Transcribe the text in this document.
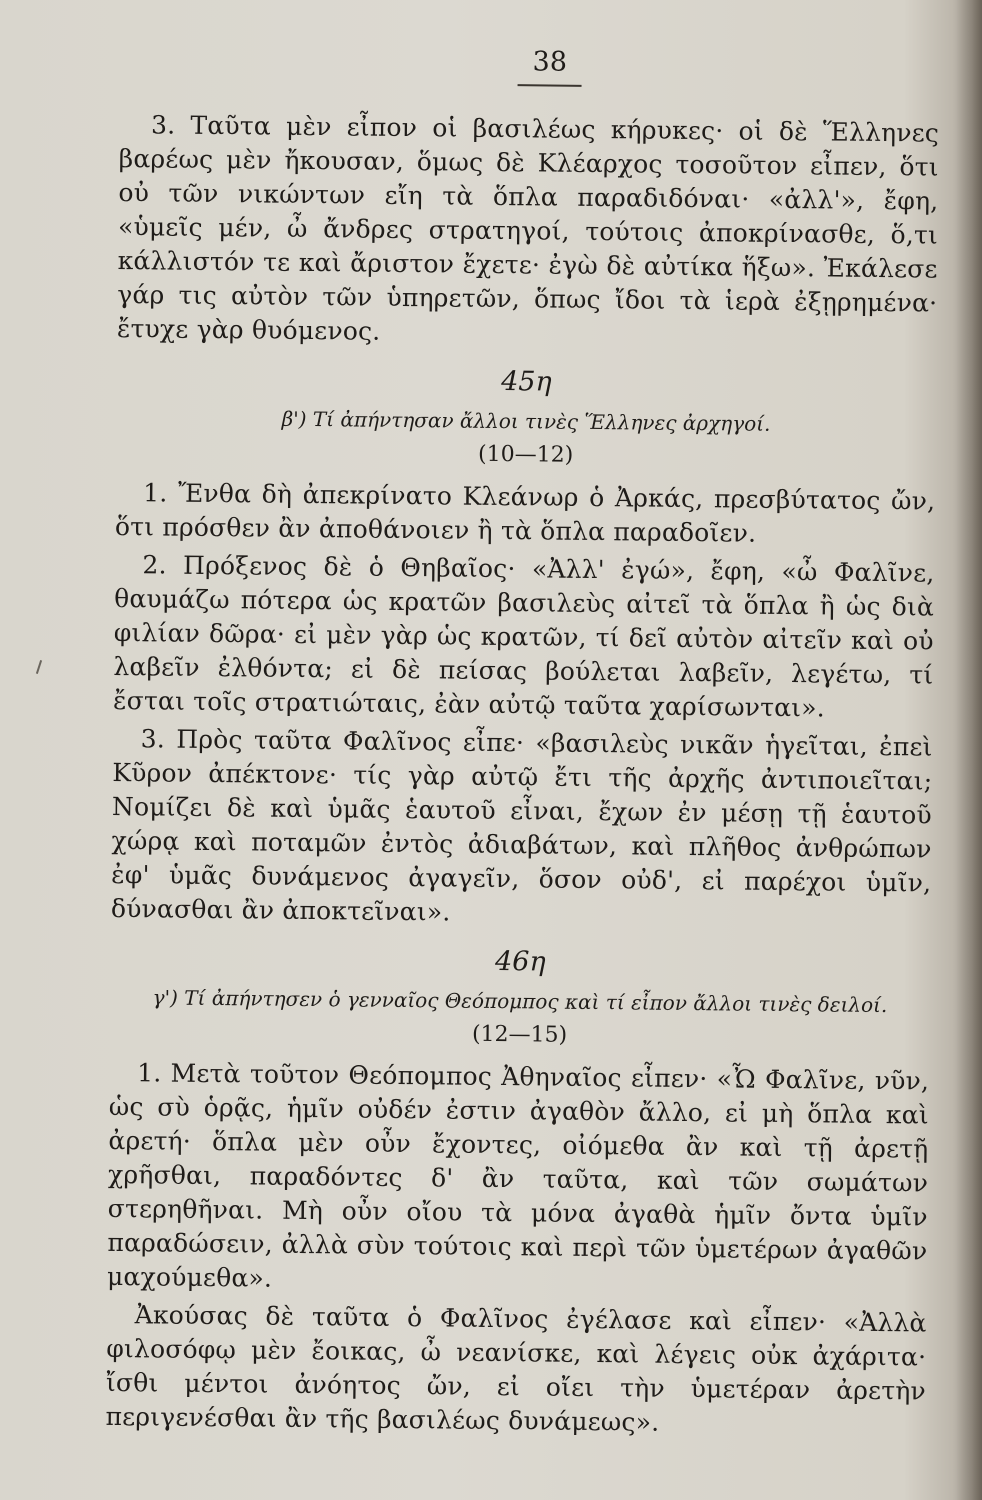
38

3. Ταῦτα μὲν εἶπον οἱ βασιλέως κήρυκες· οἱ δὲ Ἕλληνες βαρέως μὲν ἤκουσαν, ὅμως δὲ Κλέαρχος τοσοῦτον εἶπεν, ὅτι οὐ τῶν νικώντων εἴη τὰ ὅπλα παραδιδόναι· «ἀλλ'», ἔφη, «ὑμεῖς μέν, ὦ ἄνδρες στρατηγοί, τούτοις ἀποκρίνασθε, ὅ,τι κάλλιστόν τε καὶ ἄριστον ἔχετε· ἐγὼ δὲ αὐτίκα ἥξω». Ἐκάλεσε γάρ τις αὐτὸν τῶν ὑπηρετῶν, ὅπως ἴδοι τὰ ἱερὰ ἐξῃρημένα· ἔτυχε γὰρ θυόμενος.

45η
β') Τί ἀπήντησαν ἄλλοι τινὲς Ἕλληνες ἀρχηγοί.
(10—12)

1. Ἔνθα δὴ ἀπεκρίνατο Κλεάνωρ ὁ Ἀρκάς, πρεσβύτατος ὤν, ὅτι πρόσθεν ἂν ἀποθάνοιεν ἢ τὰ ὅπλα παραδοῖεν.

2. Πρόξενος δὲ ὁ Θηβαῖος· «Ἀλλ' ἐγώ», ἔφη, «ὦ Φαλῖνε, θαυμάζω πότερα ὡς κρατῶν βασιλεὺς αἰτεῖ τὰ ὅπλα ἢ ὡς διὰ φιλίαν δῶρα· εἰ μὲν γὰρ ὡς κρατῶν, τί δεῖ αὐτὸν αἰτεῖν καὶ οὐ λαβεῖν ἐλθόντα; εἰ δὲ πείσας βούλεται λαβεῖν, λεγέτω, τί ἔσται τοῖς στρατιώταις, ἐὰν αὐτῷ ταῦτα χαρίσωνται».

3. Πρὸς ταῦτα Φαλῖνος εἶπε· «βασιλεὺς νικᾶν ἡγεῖται, ἐπεὶ Κῦρον ἀπέκτονε· τίς γὰρ αὐτῷ ἔτι τῆς ἀρχῆς ἀντιποιεῖται; Νομίζει δὲ καὶ ὑμᾶς ἑαυτοῦ εἶναι, ἔχων ἐν μέσῃ τῇ ἑαυτοῦ χώρᾳ καὶ ποταμῶν ἐντὸς ἀδιαβάτων, καὶ πλῆθος ἀνθρώπων ἐφ' ὑμᾶς δυνάμενος ἀγαγεῖν, ὅσον οὐδ', εἰ παρέχοι ὑμῖν, δύνασθαι ἂν ἀποκτεῖναι».

46η
γ') Τί ἀπήντησεν ὁ γενναῖος Θεόπομπος καὶ τί εἶπον ἄλλοι τινὲς δειλοί.
(12—15)

1. Μετὰ τοῦτον Θεόπομπος Ἀθηναῖος εἶπεν· «Ὦ Φαλῖνε, νῦν, ὡς σὺ ὁρᾷς, ἡμῖν οὐδέν ἐστιν ἀγαθὸν ἄλλο, εἰ μὴ ὅπλα καὶ ἀρετή· ὅπλα μὲν οὖν ἔχοντες, οἰόμεθα ἂν καὶ τῇ ἀρετῇ χρῆσθαι, παραδόντες δ' ἂν ταῦτα, καὶ τῶν σωμάτων στερηθῆναι. Μὴ οὖν οἴου τὰ μόνα ἀγαθὰ ἡμῖν ὄντα ὑμῖν παραδώσειν, ἀλλὰ σὺν τούτοις καὶ περὶ τῶν ὑμετέρων ἀγαθῶν μαχούμεθα».

Ἀκούσας δὲ ταῦτα ὁ Φαλῖνος ἐγέλασε καὶ εἶπεν· «Ἀλλὰ φιλοσόφῳ μὲν ἔοικας, ὦ νεανίσκε, καὶ λέγεις οὐκ ἀχάριτα· ἴσθι μέντοι ἀνόητος ὤν, εἰ οἴει τὴν ὑμετέραν ἀρετὴν περιγενέσθαι ἂν τῆς βασιλέως δυνάμεως».
